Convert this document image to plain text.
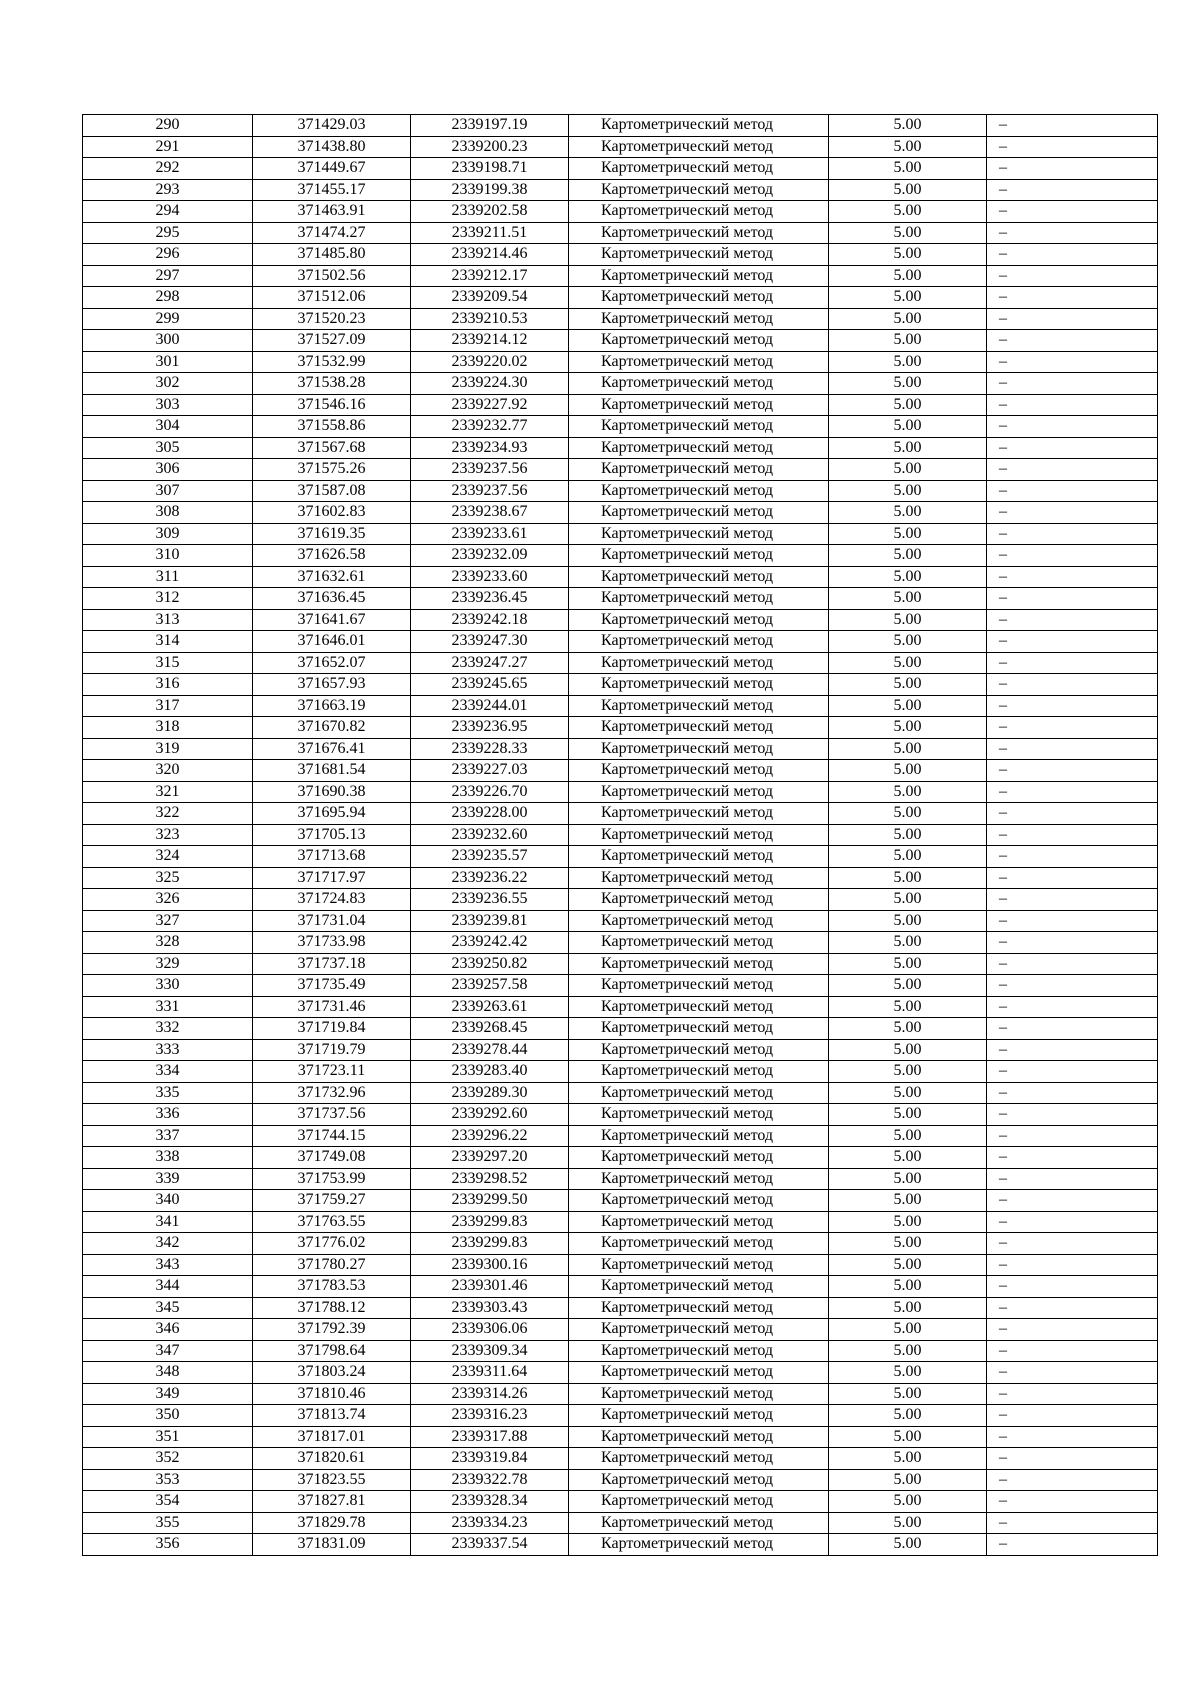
290	371429.03	2339197.19	Картометрический метод	5.00	–
291	371438.80	2339200.23	Картометрический метод	5.00	–
292	371449.67	2339198.71	Картометрический метод	5.00	–
293	371455.17	2339199.38	Картометрический метод	5.00	–
294	371463.91	2339202.58	Картометрический метод	5.00	–
295	371474.27	2339211.51	Картометрический метод	5.00	–
296	371485.80	2339214.46	Картометрический метод	5.00	–
297	371502.56	2339212.17	Картометрический метод	5.00	–
298	371512.06	2339209.54	Картометрический метод	5.00	–
299	371520.23	2339210.53	Картометрический метод	5.00	–
300	371527.09	2339214.12	Картометрический метод	5.00	–
301	371532.99	2339220.02	Картометрический метод	5.00	–
302	371538.28	2339224.30	Картометрический метод	5.00	–
303	371546.16	2339227.92	Картометрический метод	5.00	–
304	371558.86	2339232.77	Картометрический метод	5.00	–
305	371567.68	2339234.93	Картометрический метод	5.00	–
306	371575.26	2339237.56	Картометрический метод	5.00	–
307	371587.08	2339237.56	Картометрический метод	5.00	–
308	371602.83	2339238.67	Картометрический метод	5.00	–
309	371619.35	2339233.61	Картометрический метод	5.00	–
310	371626.58	2339232.09	Картометрический метод	5.00	–
311	371632.61	2339233.60	Картометрический метод	5.00	–
312	371636.45	2339236.45	Картометрический метод	5.00	–
313	371641.67	2339242.18	Картометрический метод	5.00	–
314	371646.01	2339247.30	Картометрический метод	5.00	–
315	371652.07	2339247.27	Картометрический метод	5.00	–
316	371657.93	2339245.65	Картометрический метод	5.00	–
317	371663.19	2339244.01	Картометрический метод	5.00	–
318	371670.82	2339236.95	Картометрический метод	5.00	–
319	371676.41	2339228.33	Картометрический метод	5.00	–
320	371681.54	2339227.03	Картометрический метод	5.00	–
321	371690.38	2339226.70	Картометрический метод	5.00	–
322	371695.94	2339228.00	Картометрический метод	5.00	–
323	371705.13	2339232.60	Картометрический метод	5.00	–
324	371713.68	2339235.57	Картометрический метод	5.00	–
325	371717.97	2339236.22	Картометрический метод	5.00	–
326	371724.83	2339236.55	Картометрический метод	5.00	–
327	371731.04	2339239.81	Картометрический метод	5.00	–
328	371733.98	2339242.42	Картометрический метод	5.00	–
329	371737.18	2339250.82	Картометрический метод	5.00	–
330	371735.49	2339257.58	Картометрический метод	5.00	–
331	371731.46	2339263.61	Картометрический метод	5.00	–
332	371719.84	2339268.45	Картометрический метод	5.00	–
333	371719.79	2339278.44	Картометрический метод	5.00	–
334	371723.11	2339283.40	Картометрический метод	5.00	–
335	371732.96	2339289.30	Картометрический метод	5.00	–
336	371737.56	2339292.60	Картометрический метод	5.00	–
337	371744.15	2339296.22	Картометрический метод	5.00	–
338	371749.08	2339297.20	Картометрический метод	5.00	–
339	371753.99	2339298.52	Картометрический метод	5.00	–
340	371759.27	2339299.50	Картометрический метод	5.00	–
341	371763.55	2339299.83	Картометрический метод	5.00	–
342	371776.02	2339299.83	Картометрический метод	5.00	–
343	371780.27	2339300.16	Картометрический метод	5.00	–
344	371783.53	2339301.46	Картометрический метод	5.00	–
345	371788.12	2339303.43	Картометрический метод	5.00	–
346	371792.39	2339306.06	Картометрический метод	5.00	–
347	371798.64	2339309.34	Картометрический метод	5.00	–
348	371803.24	2339311.64	Картометрический метод	5.00	–
349	371810.46	2339314.26	Картометрический метод	5.00	–
350	371813.74	2339316.23	Картометрический метод	5.00	–
351	371817.01	2339317.88	Картометрический метод	5.00	–
352	371820.61	2339319.84	Картометрический метод	5.00	–
353	371823.55	2339322.78	Картометрический метод	5.00	–
354	371827.81	2339328.34	Картометрический метод	5.00	–
355	371829.78	2339334.23	Картометрический метод	5.00	–
356	371831.09	2339337.54	Картометрический метод	5.00	–
